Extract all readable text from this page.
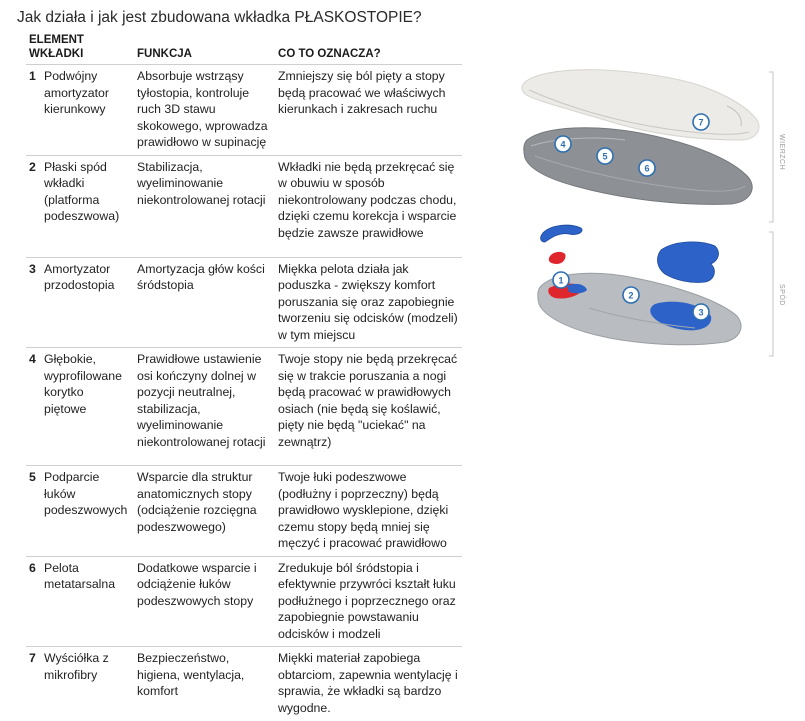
Jak działa i jak jest zbudowana wkładka PŁASKOSTOPIE?
ELEMENT
WKŁADKI		FUNKCJA	CO TO OZNACZA?
1	Podwójny amortyzator kierunkowy	Absorbuje wstrząsy tyłostopia, kontroluje ruch 3D stawu skokowego, wprowadza prawidłowo w supinację	Zmniejszy się ból pięty a stopy będą pracować we właściwych kierunkach i zakresach ruchu
2	Płaski spód wkładki (platforma podeszwowa)	Stabilizacja, wyeliminowanie niekontrolowanej rotacji	Wkładki nie będą przekręcać się w obuwiu w sposób niekontrolowany podczas chodu, dzięki czemu korekcja i wsparcie będzie zawsze prawidłowe
3	Amortyzator przodostopia	Amortyzacja głów kości śródstopia	Miękka pelota działa jak poduszka - zwiększy komfort poruszania się oraz zapobiegnie tworzeniu się odcisków (modzeli) w tym miejscu
4	Głębokie, wyprofilowane korytko piętowe	Prawidłowe ustawienie osi kończyny dolnej w pozycji neutralnej, stabilizacja, wyeliminowanie niekontrolowanej rotacji	Twoje stopy nie będą przekręcać się w trakcie poruszania a nogi będą pracować w prawidłowych osiach (nie będą się koślawić, pięty nie będą "uciekać" na zewnątrz)
5	Podparcie łuków podeszwowych	Wsparcie dla struktur anatomicznych stopy (odciążenie rozcięgna podeszwowego)	Twoje łuki podeszwowe (podłużny i poprzeczny) będą prawidłowo wysklepione, dzięki czemu stopy będą mniej się męczyć i pracować prawidłowo
6	Pelota metatarsalna	Dodatkowe wsparcie i odciążenie łuków podeszwowych stopy	Zredukuje ból śródstopia i efektywnie przywróci kształt łuku podłużnego i poprzecznego oraz zapobiegnie powstawaniu odcisków i modzeli
7	Wyściółka z mikrofibry	Bezpieczeństwo, higiena, wentylacja, komfort	Miękki materiał zapobiega obtarciom, zapewnia wentylację i sprawia, że wkładki są bardzo wygodne.
WIERZCH
SPÓD
7
4
5
6
1
2
3
